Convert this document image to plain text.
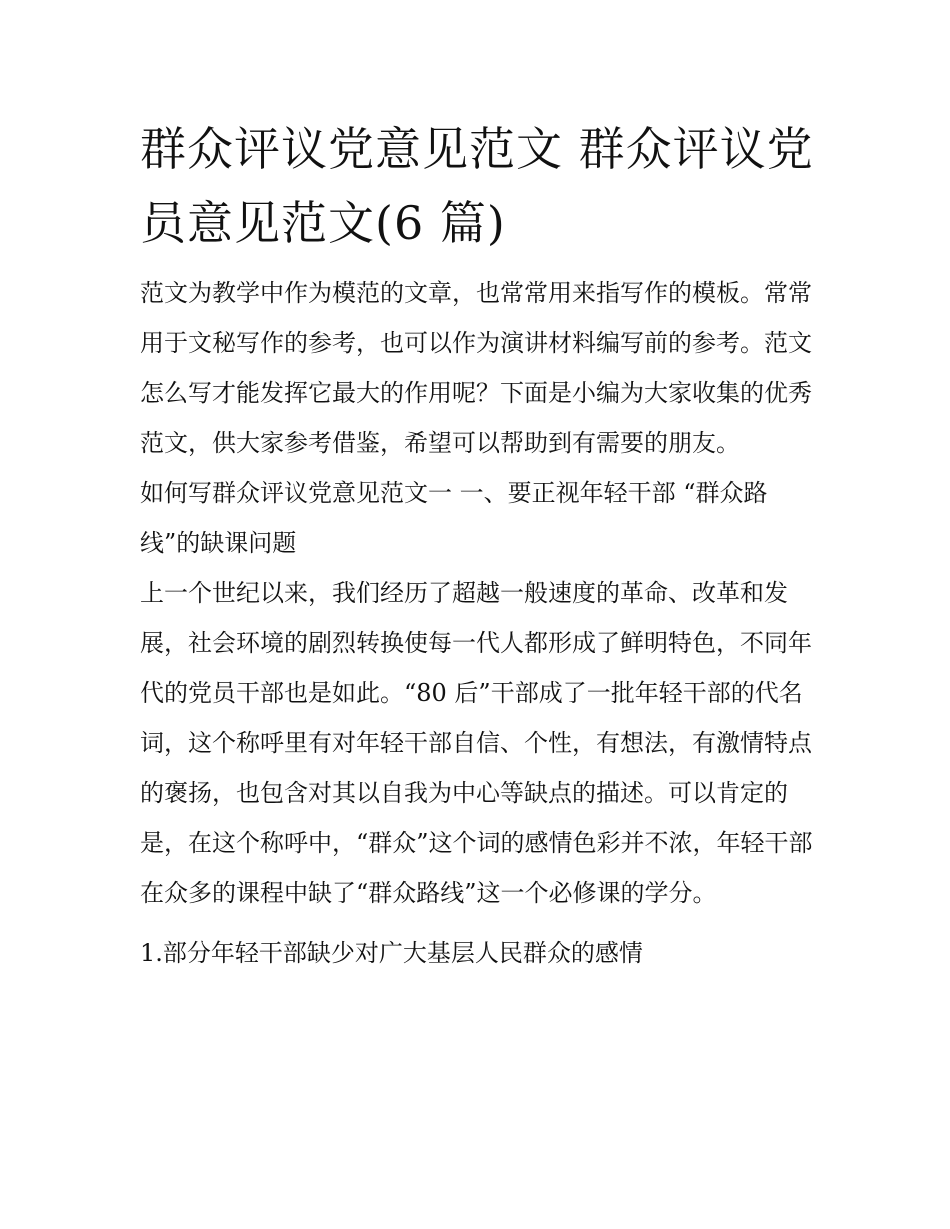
群众评议党意见范文 群众评议党员意见范文(6 篇)

范文为教学中作为模范的文章，也常常用来指写作的模板。常常用于文秘写作的参考，也可以作为演讲材料编写前的参考。范文怎么写才能发挥它最大的作用呢？下面是小编为大家收集的优秀范文，供大家参考借鉴，希望可以帮助到有需要的朋友。

如何写群众评议党意见范文一 一、要正视年轻干部 “群众路线”的缺课问题

上一个世纪以来，我们经历了超越一般速度的革命、改革和发展，社会环境的剧烈转换使每一代人都形成了鲜明特色，不同年代的党员干部也是如此。“80 后”干部成了一批年轻干部的代名词，这个称呼里有对年轻干部自信、个性，有想法，有激情特点的褒扬，也包含对其以自我为中心等缺点的描述。可以肯定的是，在这个称呼中，“群众”这个词的感情色彩并不浓，年轻干部在众多的课程中缺了“群众路线”这一个必修课的学分。

1.部分年轻干部缺少对广大基层人民群众的感情
